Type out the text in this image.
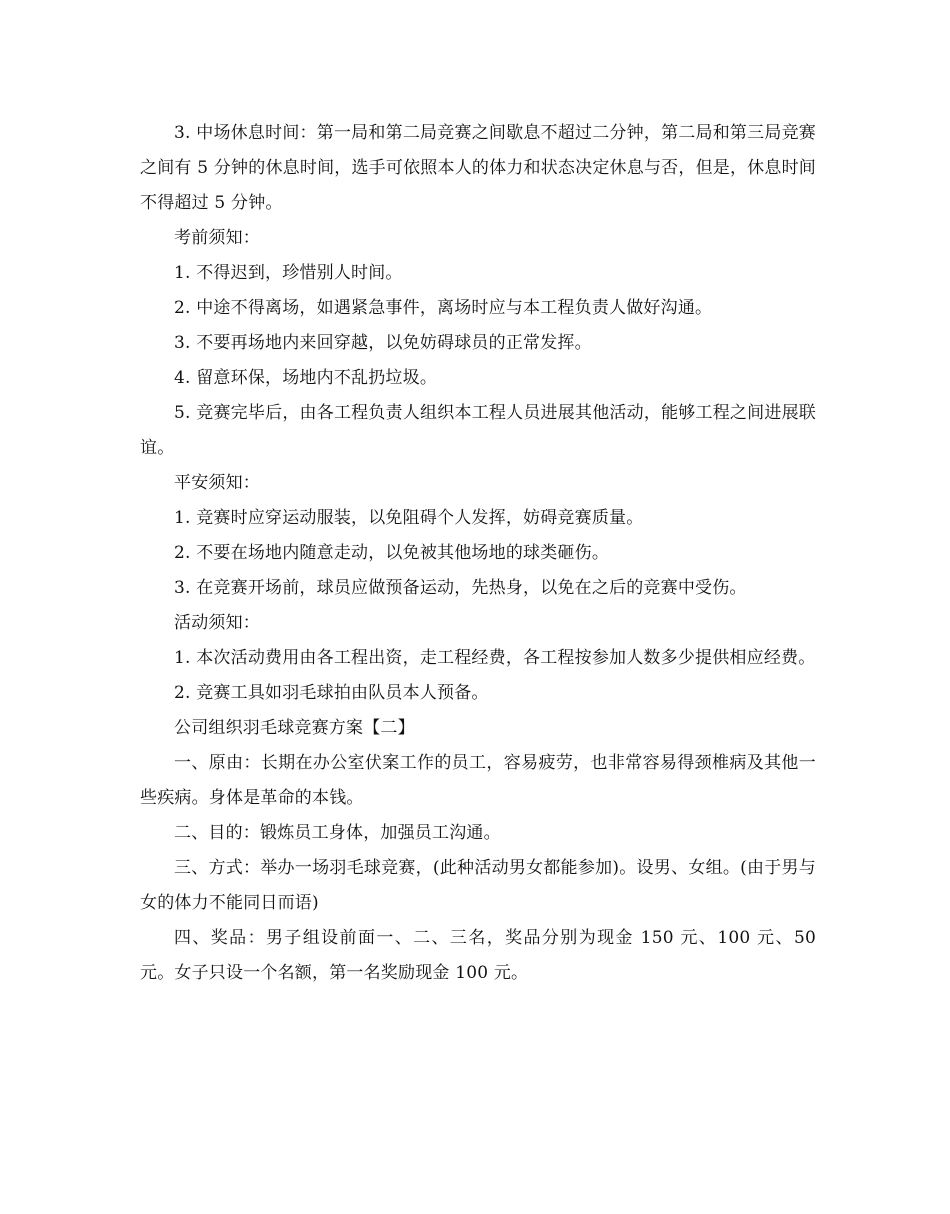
3. 中场休息时间：第一局和第二局竞赛之间歇息不超过二分钟，第二局和第三局竞赛之间有 5 分钟的休息时间，选手可依照本人的体力和状态决定休息与否，但是，休息时间不得超过 5 分钟。

考前须知：

1. 不得迟到，珍惜别人时间。

2. 中途不得离场，如遇紧急事件，离场时应与本工程负责人做好沟通。

3. 不要再场地内来回穿越，以免妨碍球员的正常发挥。

4. 留意环保，场地内不乱扔垃圾。

5. 竞赛完毕后，由各工程负责人组织本工程人员进展其他活动，能够工程之间进展联谊。

平安须知：

1. 竞赛时应穿运动服装，以免阻碍个人发挥，妨碍竞赛质量。

2. 不要在场地内随意走动，以免被其他场地的球类砸伤。

3. 在竞赛开场前，球员应做预备运动，先热身，以免在之后的竞赛中受伤。

活动须知：

1. 本次活动费用由各工程出资，走工程经费，各工程按参加人数多少提供相应经费。

2. 竞赛工具如羽毛球拍由队员本人预备。

公司组织羽毛球竞赛方案【二】

一、原由：长期在办公室伏案工作的员工，容易疲劳，也非常容易得颈椎病及其他一些疾病。身体是革命的本钱。

二、目的：锻炼员工身体，加强员工沟通。

三、方式：举办一场羽毛球竞赛，(此种活动男女都能参加)。设男、女组。(由于男与女的体力不能同日而语)

四、奖品：男子组设前面一、二、三名，奖品分别为现金 150 元、100 元、50 元。女子只设一个名额，第一名奖励现金 100 元。
